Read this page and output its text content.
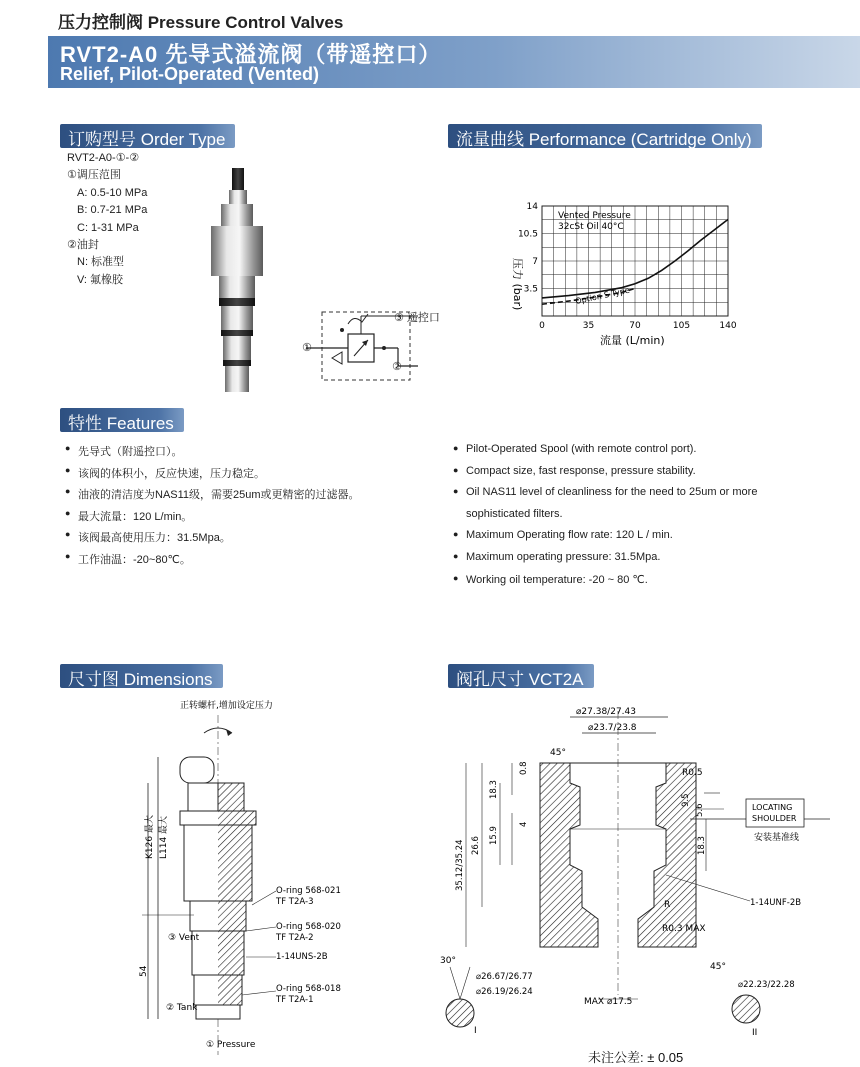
压力控制阀 Pressure Control Valves
RVT2-A0 先导式溢流阀（带遥控口）
Relief, Pilot-Operated (Vented)
订购型号 Order Type	流量曲线 Performance (Cartridge Only)
特性 Features
尺寸图 Dimensions	阀孔尺寸 VCT2A
RVT2-A0-①-②
①调压范围
A: 0.5-10 MPa
B: 0.7-21 MPa
C: 1-31 MPa
②油封
N: 标准型
V: 氟橡胶
①
②
③ 遥控口
0	35	70	105	140
3.5
7
10.5
14
Vented Pressure
32cSt Oil 40°C
Option S Type
压力 (bar)
流量 (L/min)
● 先导式（附遥控口）。
● 该阀的体积小，反应快速，压力稳定。
● 油液的清洁度为NAS11级，需要25um或更精密的过滤器。
● 最大流量：120 L/min。
● 该阀最高使用压力：31.5Mpa。
● 工作油温：-20~80℃。
● Pilot-Operated Spool (with remote control port).
● Compact size, fast response, pressure stability.
● Oil NAS11 level of cleanliness for the need to 25um or more
sophisticated filters.
● Maximum Operating flow rate: 120 L / min.
● Maximum operating pressure: 31.5Mpa.
● Working oil temperature: -20 ~ 80 ℃.
正转螺杆,增加设定压力
K126 最大 L114 最大
54
③ Vent
② Tank
① Pressure
O-ring 568-021
TF T2A-3
O-ring 568-020
TF T2A-2
1-14UNS-2B
O-ring 568-018
TF T2A-1
⌀27.38/27.43
⌀23.7/23.8
0.8
18.3
4
15.9
26.6
35.12/35.24
45°
R0.5
9.5
5.6
18.3
LOCATING
SHOULDER
安装基准线
1-14UNF-2B
R
R0.3 MAX
30°
⌀26.67/26.77
⌀26.19/26.24
I
MAX ⌀17.5
45°
⌀22.23/22.28
II
未注公差: ± 0.05
